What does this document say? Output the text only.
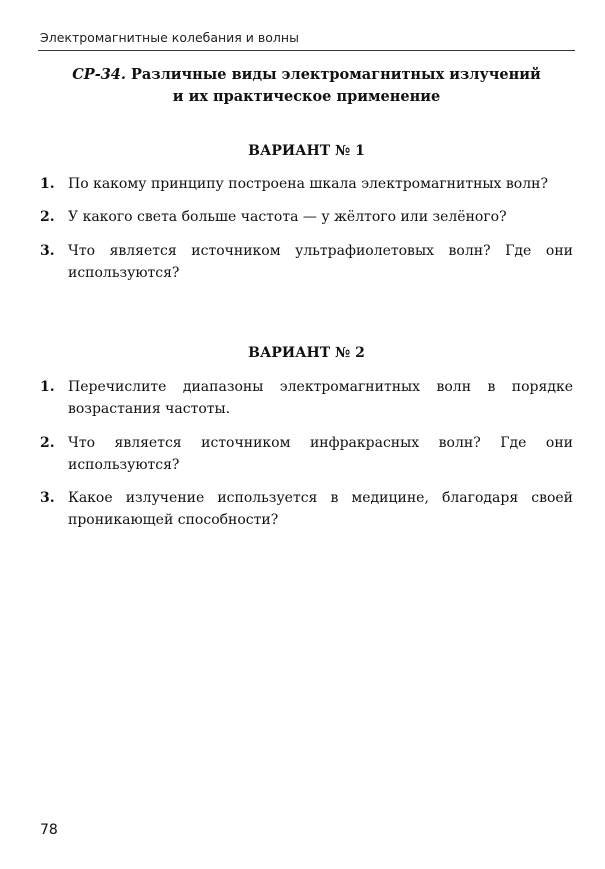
Электромагнитные колебания и волны
СР-34. Различные виды электромагнитных излучений
и их практическое применение
ВАРИАНТ № 1
1. По какому принципу построена шкала электромагнитных волн?
2. У какого света больше частота — у жёлтого или зелёного?
3. Что является источником ультрафиолетовых волн? Где они используются?
ВАРИАНТ № 2
1. Перечислите диапазоны электромагнитных волн в порядке возрастания частоты.
2. Что является источником инфракрасных волн? Где они используются?
3. Какое излучение используется в медицине, благодаря своей проникающей способности?
78
